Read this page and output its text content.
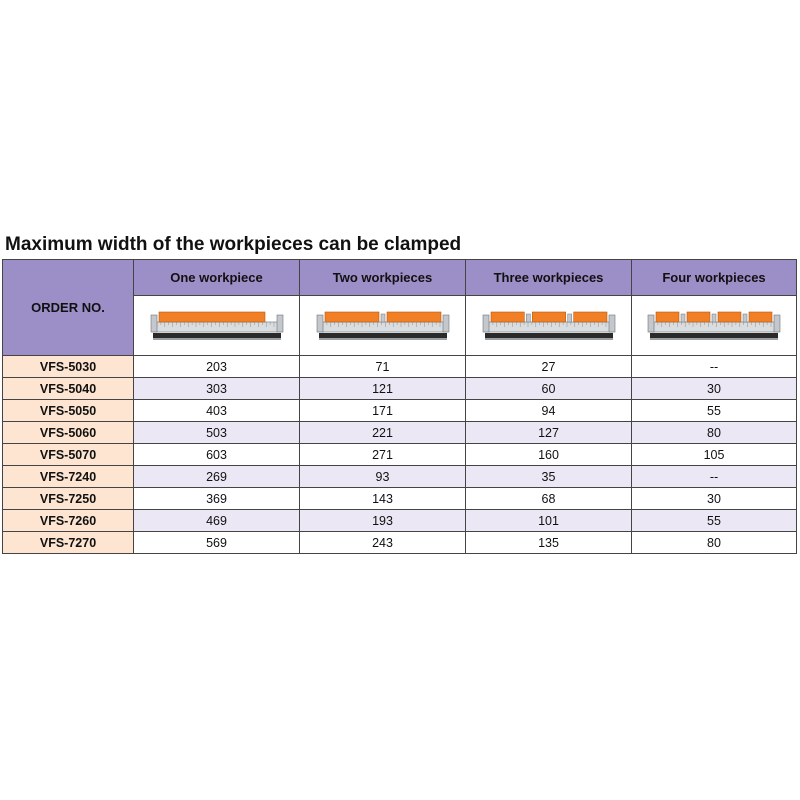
Maximum width of the workpieces can be clamped
ORDER NO.	One workpiece	Two workpieces	Three workpieces	Four workpieces

VFS-5030	203	71	27	--
VFS-5040	303	121	60	30
VFS-5050	403	171	94	55
VFS-5060	503	221	127	80
VFS-5070	603	271	160	105
VFS-7240	269	93	35	--
VFS-7250	369	143	68	30
VFS-7260	469	193	101	55
VFS-7270	569	243	135	80
